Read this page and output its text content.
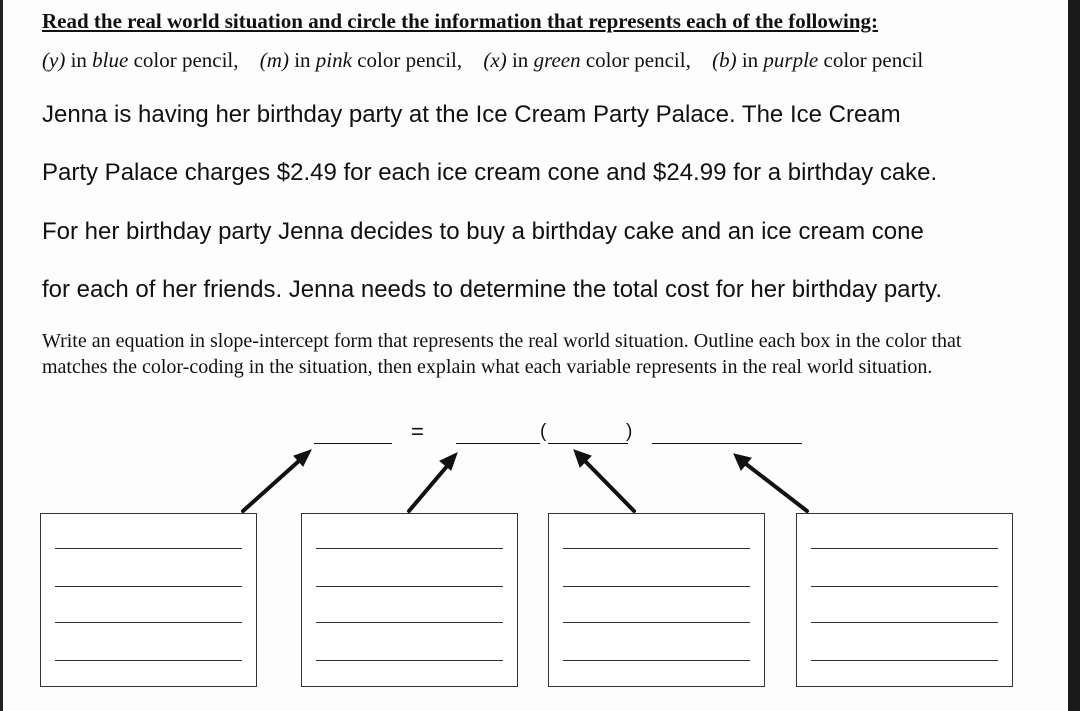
Read the real world situation and circle the information that represents each of the following:
(y) in blue color pencil, (m) in pink color pencil, (x) in green color pencil, (b) in purple color pencil
Jenna is having her birthday party at the Ice Cream Party Palace. The Ice Cream
Party Palace charges $2.49 for each ice cream cone and $24.99 for a birthday cake.
For her birthday party Jenna decides to buy a birthday cake and an ice cream cone
for each of her friends. Jenna needs to determine the total cost for her birthday party.
Write an equation in slope-intercept form that represents the real world situation. Outline each box in the color that matches the color-coding in the situation, then explain what each variable represents in the real world situation.
=	(	)
